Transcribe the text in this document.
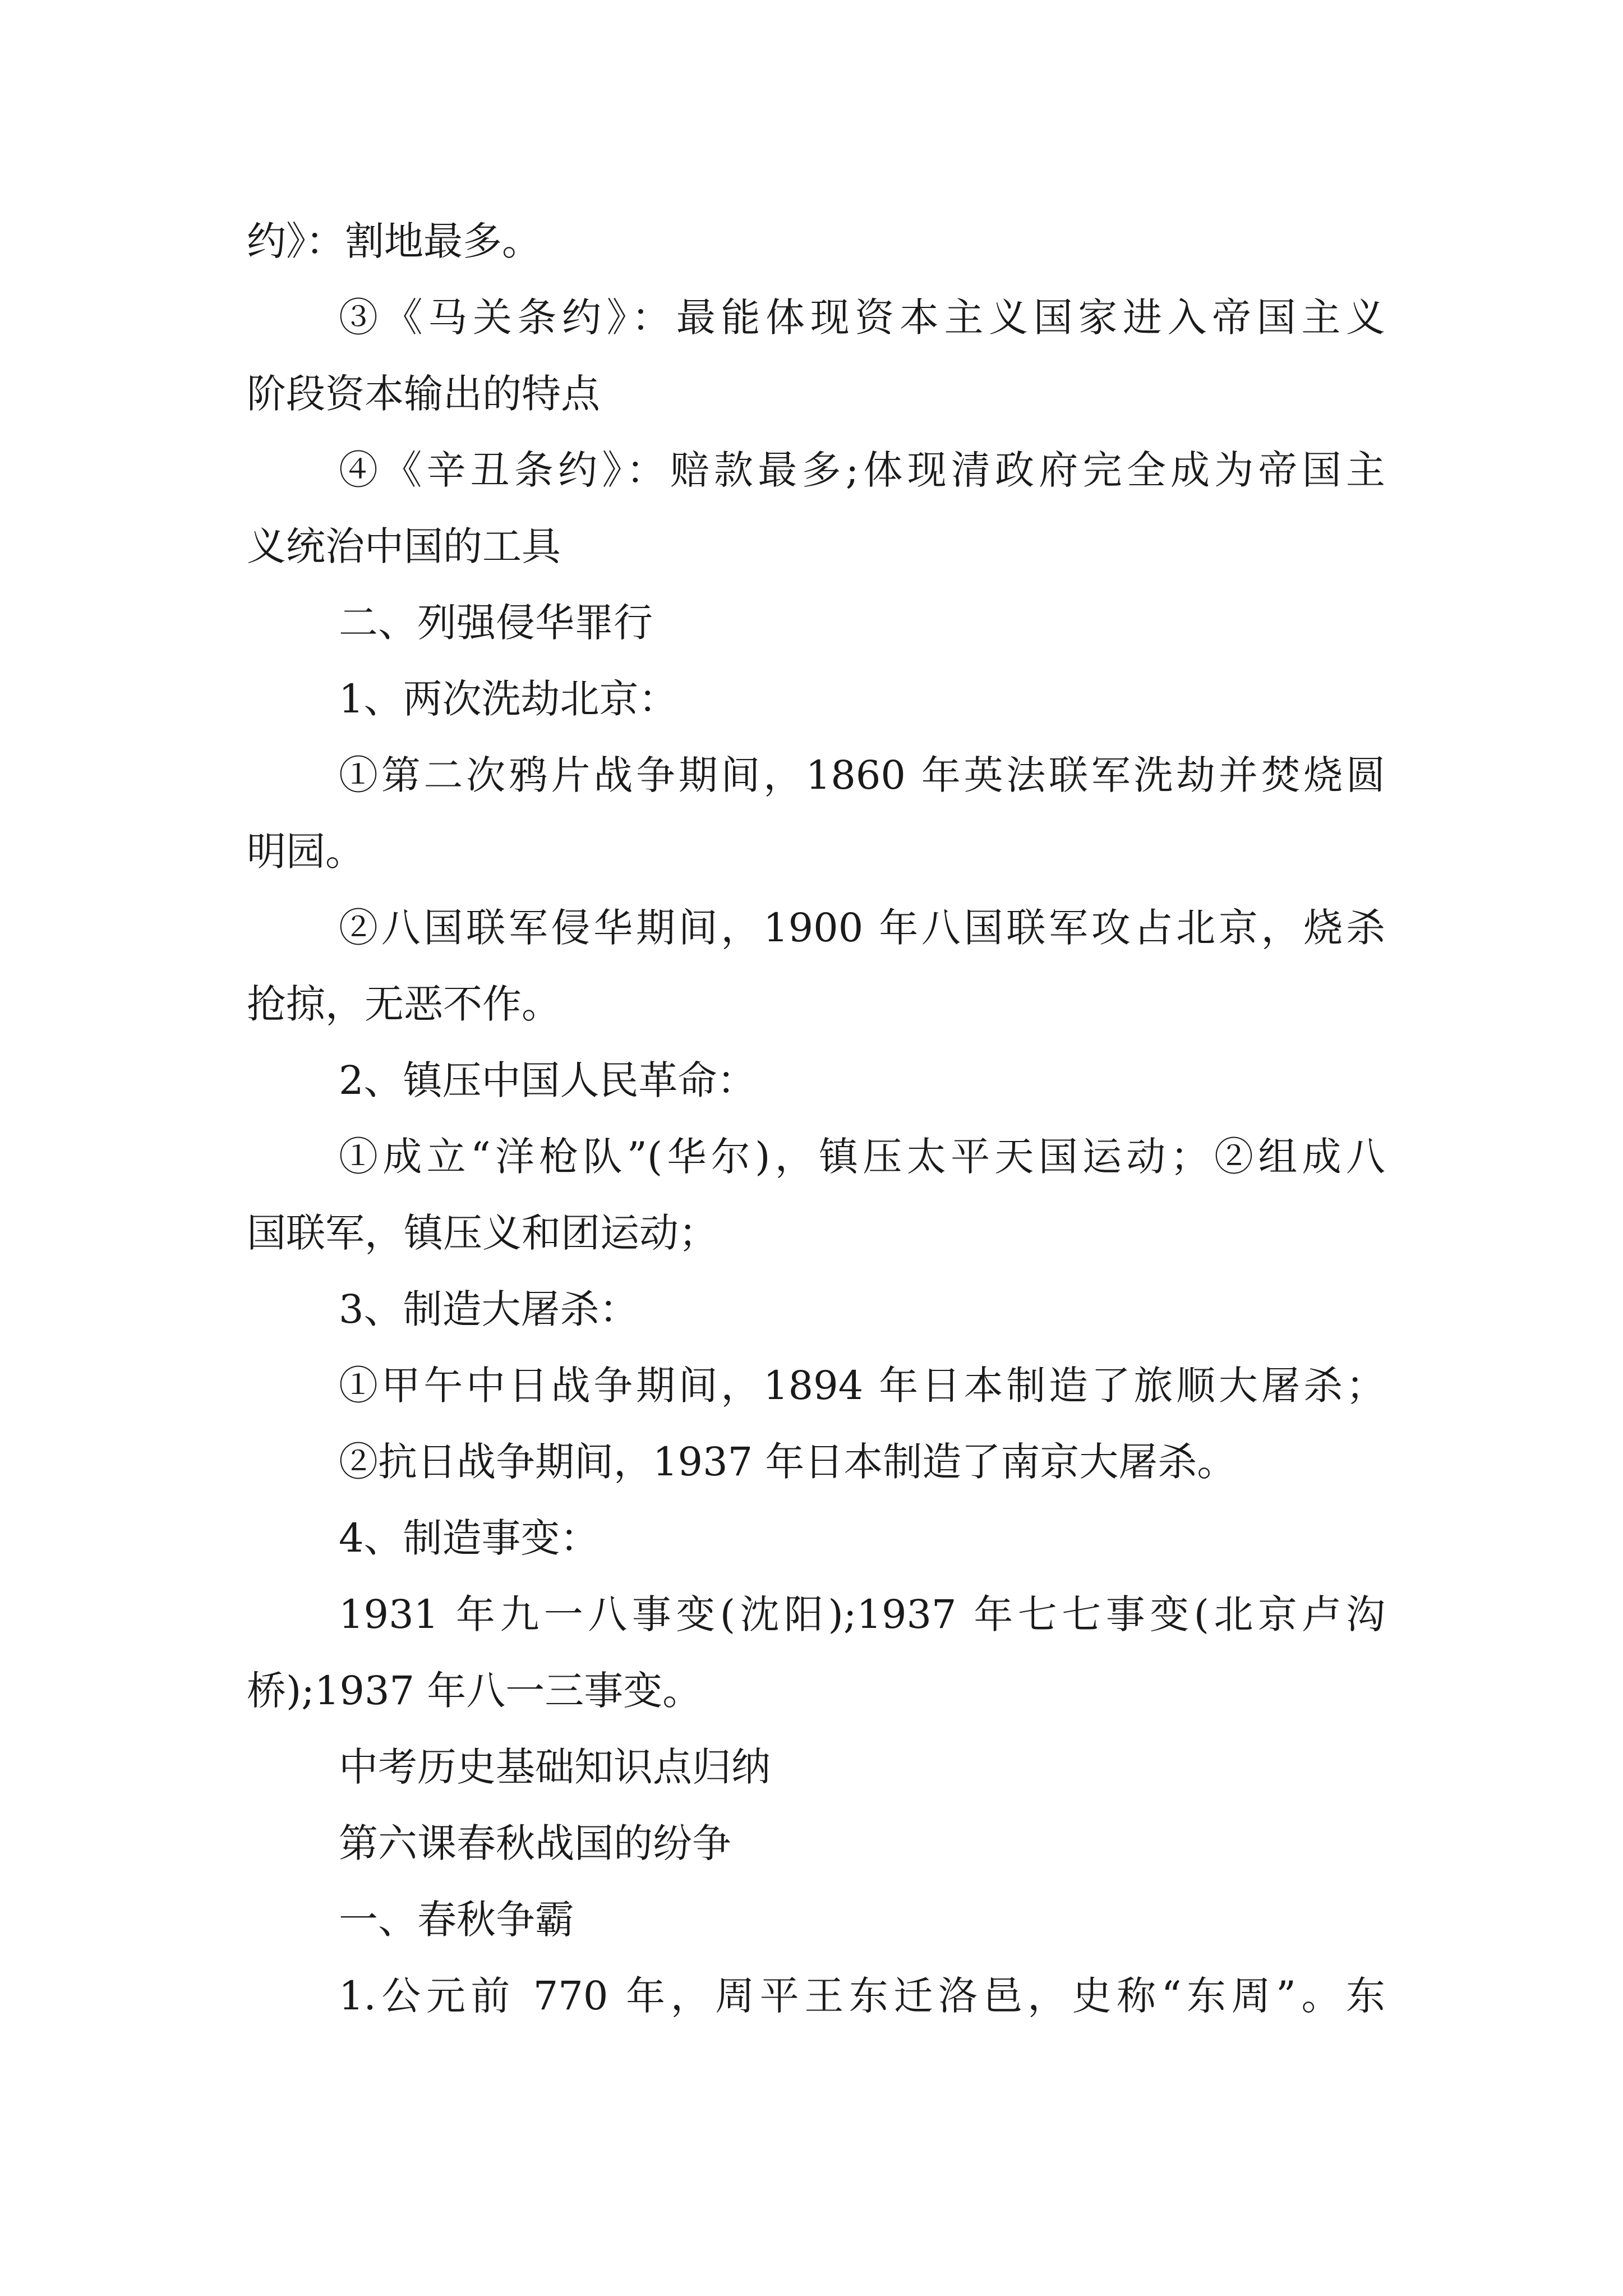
约》：割地最多。
③《马关条约》：最能体现资本主义国家进入帝国主义
阶段资本输出的特点
④《辛丑条约》：赔款最多;体现清政府完全成为帝国主
义统治中国的工具
二、列强侵华罪行
1、两次洗劫北京：
①第二次鸦片战争期间，1860 年英法联军洗劫并焚烧圆
明园。
②八国联军侵华期间，1900 年八国联军攻占北京，烧杀
抢掠，无恶不作。
2、镇压中国人民革命：
①成立“洋枪队”(华尔)，镇压太平天国运动；②组成八
国联军，镇压义和团运动；
3、制造大屠杀：
①甲午中日战争期间，1894 年日本制造了旅顺大屠杀；
②抗日战争期间，1937 年日本制造了南京大屠杀。
4、制造事变：
1931 年九一八事变(沈阳);1937 年七七事变(北京卢沟
桥);1937 年八一三事变。
中考历史基础知识点归纳
第六课春秋战国的纷争
一、春秋争霸
1.公元前 770 年，周平王东迁洛邑，史称“东周”。东
